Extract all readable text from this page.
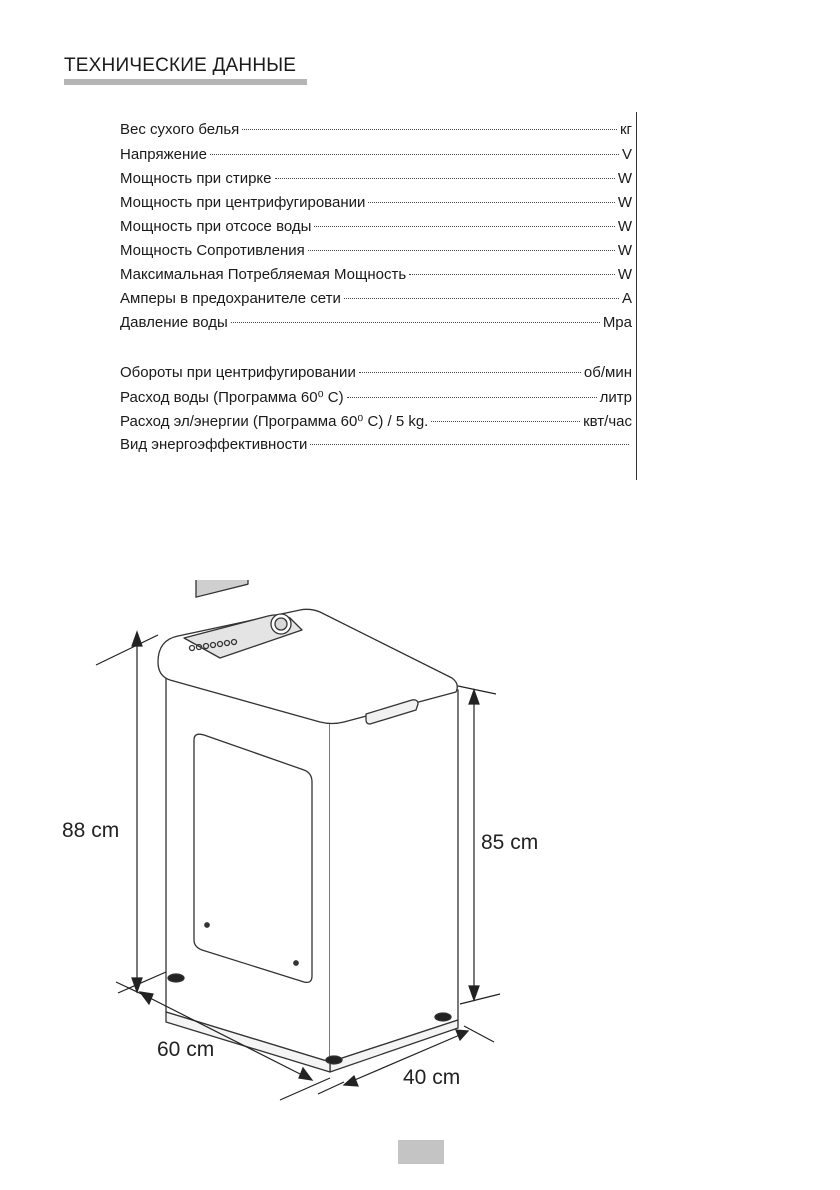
ТЕХНИЧЕСКИЕ ДАННЫЕ
Вес сухого белья	кг
Напряжение	V
Мощность при стирке	W
Мощность при центрифугировании	W
Мощность при отсосе воды	W
Мощность Сопротивления	W
Максимальная Потребляемая Мощность	W
Амперы в предохранителе сети	A
Давление воды	Mpa
Обороты при центрифугировании	об/мин
Расход воды (Программа 60⁰ C)	литр
Расход эл/энергии (Программа 60⁰ C) / 5 kg.	квт/час
Вид энергоэффективности
88 cm
85 cm
60 cm
40 cm
